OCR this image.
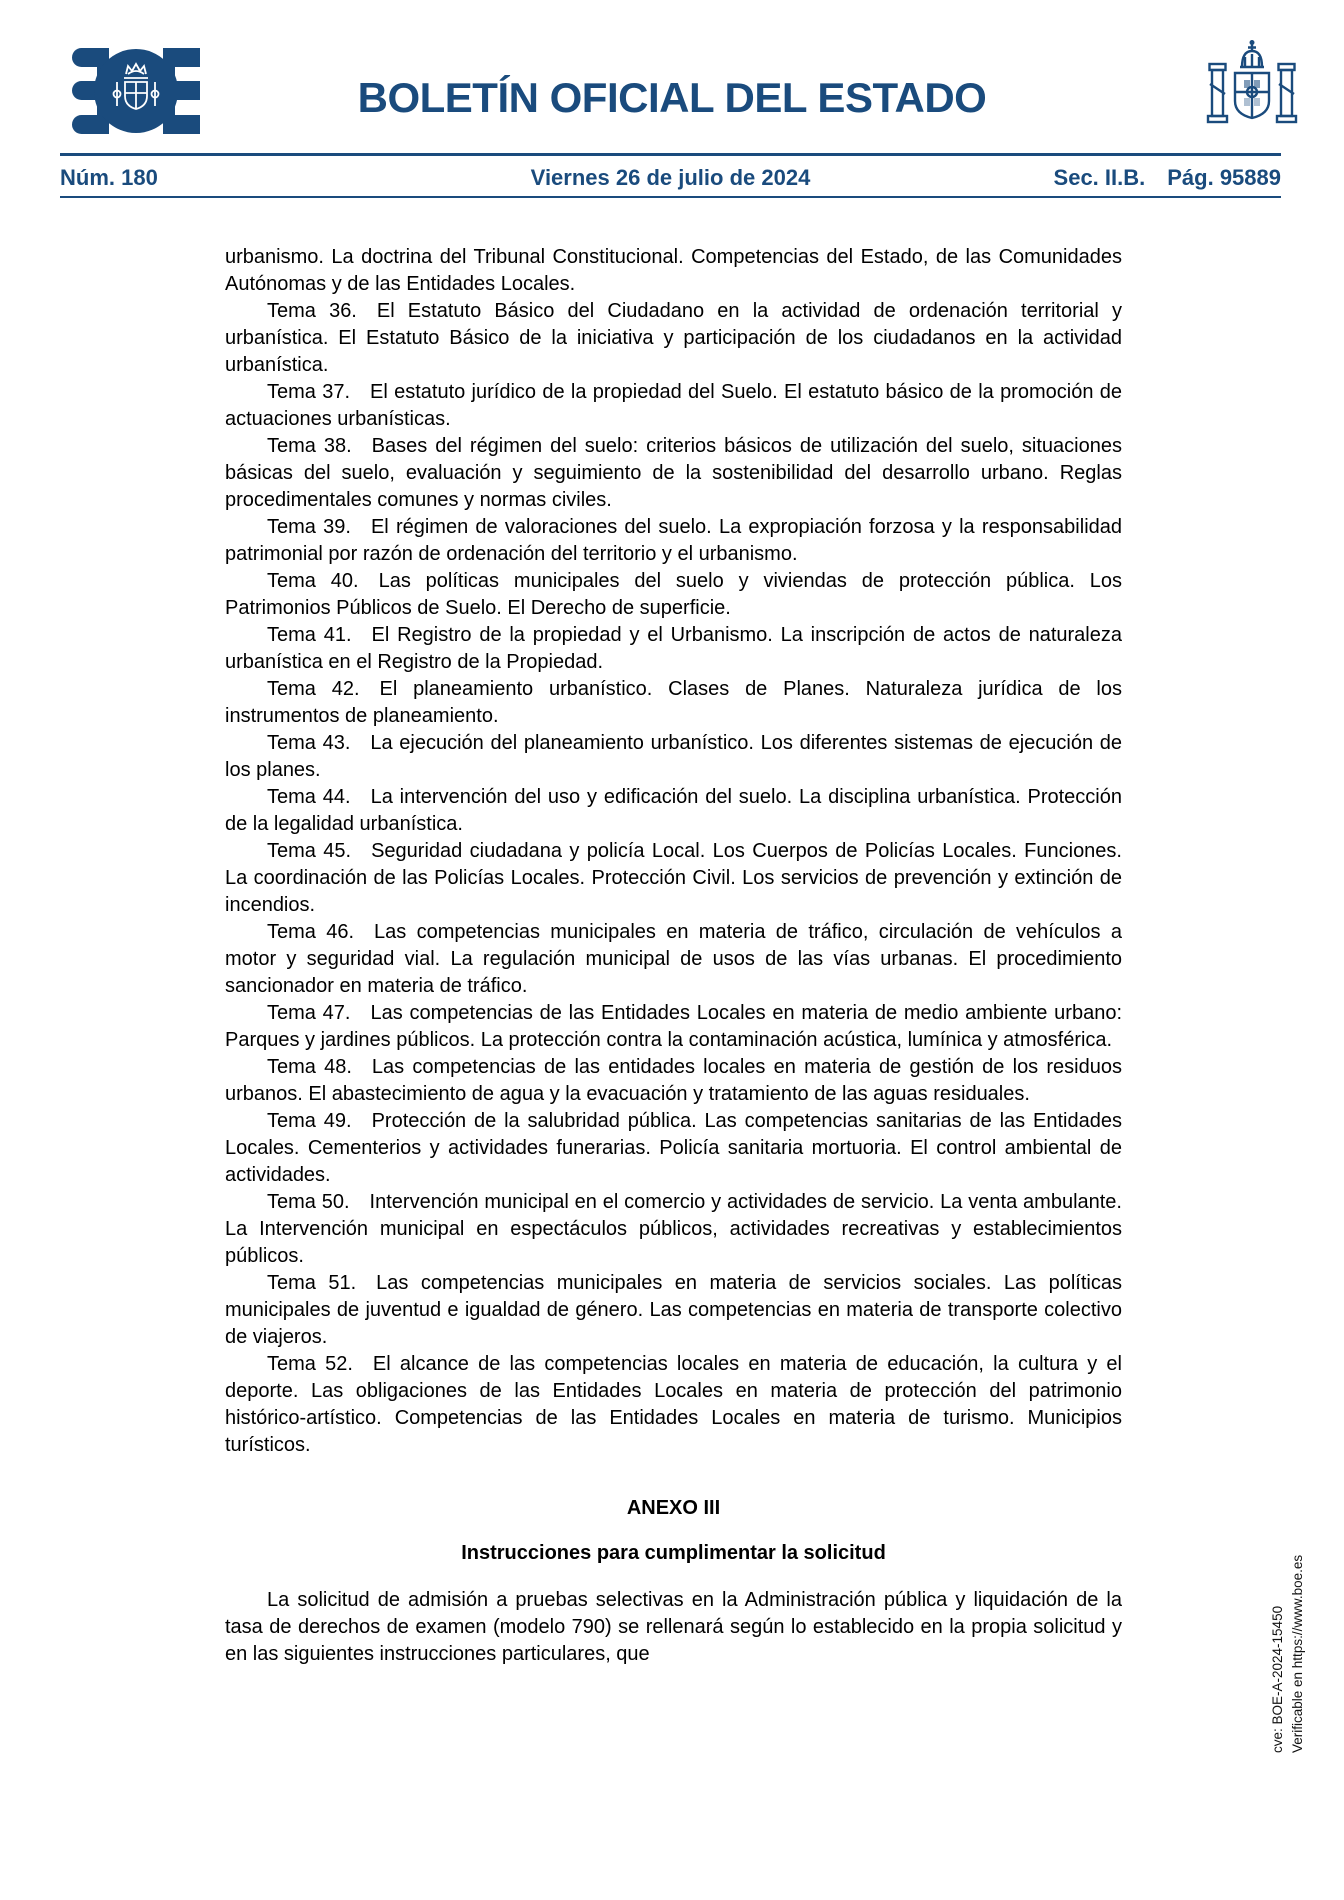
BOLETÍN OFICIAL DEL ESTADO
Núm. 180	Viernes 26 de julio de 2024	Sec. II.B. Pág. 95889

urbanismo. La doctrina del Tribunal Constitucional. Competencias del Estado, de las Comunidades Autónomas y de las Entidades Locales.

Tema 36. El Estatuto Básico del Ciudadano en la actividad de ordenación territorial y urbanística. El Estatuto Básico de la iniciativa y participación de los ciudadanos en la actividad urbanística.

Tema 37. El estatuto jurídico de la propiedad del Suelo. El estatuto básico de la promoción de actuaciones urbanísticas.

Tema 38. Bases del régimen del suelo: criterios básicos de utilización del suelo, situaciones básicas del suelo, evaluación y seguimiento de la sostenibilidad del desarrollo urbano. Reglas procedimentales comunes y normas civiles.

Tema 39. El régimen de valoraciones del suelo. La expropiación forzosa y la responsabilidad patrimonial por razón de ordenación del territorio y el urbanismo.

Tema 40. Las políticas municipales del suelo y viviendas de protección pública. Los Patrimonios Públicos de Suelo. El Derecho de superficie.

Tema 41. El Registro de la propiedad y el Urbanismo. La inscripción de actos de naturaleza urbanística en el Registro de la Propiedad.

Tema 42. El planeamiento urbanístico. Clases de Planes. Naturaleza jurídica de los instrumentos de planeamiento.

Tema 43. La ejecución del planeamiento urbanístico. Los diferentes sistemas de ejecución de los planes.

Tema 44. La intervención del uso y edificación del suelo. La disciplina urbanística. Protección de la legalidad urbanística.

Tema 45. Seguridad ciudadana y policía Local. Los Cuerpos de Policías Locales. Funciones. La coordinación de las Policías Locales. Protección Civil. Los servicios de prevención y extinción de incendios.

Tema 46. Las competencias municipales en materia de tráfico, circulación de vehículos a motor y seguridad vial. La regulación municipal de usos de las vías urbanas. El procedimiento sancionador en materia de tráfico.

Tema 47. Las competencias de las Entidades Locales en materia de medio ambiente urbano: Parques y jardines públicos. La protección contra la contaminación acústica, lumínica y atmosférica.

Tema 48. Las competencias de las entidades locales en materia de gestión de los residuos urbanos. El abastecimiento de agua y la evacuación y tratamiento de las aguas residuales.

Tema 49. Protección de la salubridad pública. Las competencias sanitarias de las Entidades Locales. Cementerios y actividades funerarias. Policía sanitaria mortuoria. El control ambiental de actividades.

Tema 50. Intervención municipal en el comercio y actividades de servicio. La venta ambulante. La Intervención municipal en espectáculos públicos, actividades recreativas y establecimientos públicos.

Tema 51. Las competencias municipales en materia de servicios sociales. Las políticas municipales de juventud e igualdad de género. Las competencias en materia de transporte colectivo de viajeros.

Tema 52. El alcance de las competencias locales en materia de educación, la cultura y el deporte. Las obligaciones de las Entidades Locales en materia de protección del patrimonio histórico-artístico. Competencias de las Entidades Locales en materia de turismo. Municipios turísticos.

ANEXO III

Instrucciones para cumplimentar la solicitud

La solicitud de admisión a pruebas selectivas en la Administración pública y liquidación de la tasa de derechos de examen (modelo 790) se rellenará según lo establecido en la propia solicitud y en las siguientes instrucciones particulares, que	cve: BOE-A-2024-15450 Verificable en https://www.boe.es
